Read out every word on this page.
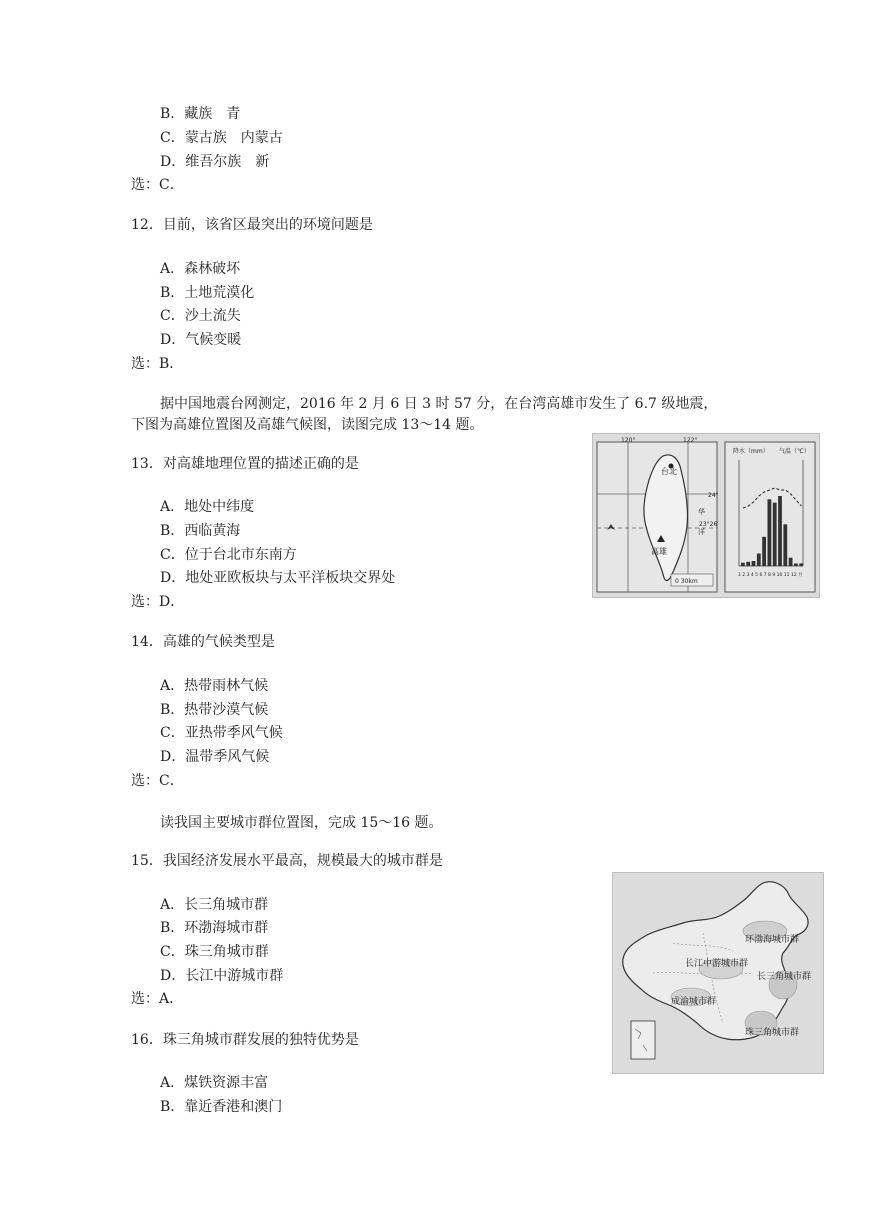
B．藏族　青
C．蒙古族　内蒙古
D．维吾尔族　新
选：C．
12．目前，该省区最突出的环境问题是
A．森林破坏
B．土地荒漠化
C．沙土流失
D．气候变暖
选：B．
据中国地震台网测定，2016 年 2 月 6 日 3 时 57 分，在台湾高雄市发生了 6.7 级地震，
下图为高雄位置图及高雄气候图，读图完成 13～14 题。
13．对高雄地理位置的描述正确的是
A．地处中纬度
B．西临黄海
C．位于台北市东南方
D．地处亚欧板块与太平洋板块交界处
选：D．
14．高雄的气候类型是
A．热带雨林气候
B．热带沙漠气候
C．亚热带季风气候
D．温带季风气候
选：C．
读我国主要城市群位置图，完成 15～16 题。
15．我国经济发展水平最高，规模最大的城市群是
A．长三角城市群
B．环渤海城市群
C．珠三角城市群
D．长江中游城市群
选：A．
16．珠三角城市群发展的独特优势是
A．煤铁资源丰富
B．靠近香港和澳门
120°	122°
24°
23°26′
台北
高雄
华
洋
0 30km
降水（mm） 气温（℃）
1 2 3 4 5 6 7 8 9 10 11 12 月
环渤海城市群
长江中游城市群
长三角城市群
成渝城市群
珠三角城市群
